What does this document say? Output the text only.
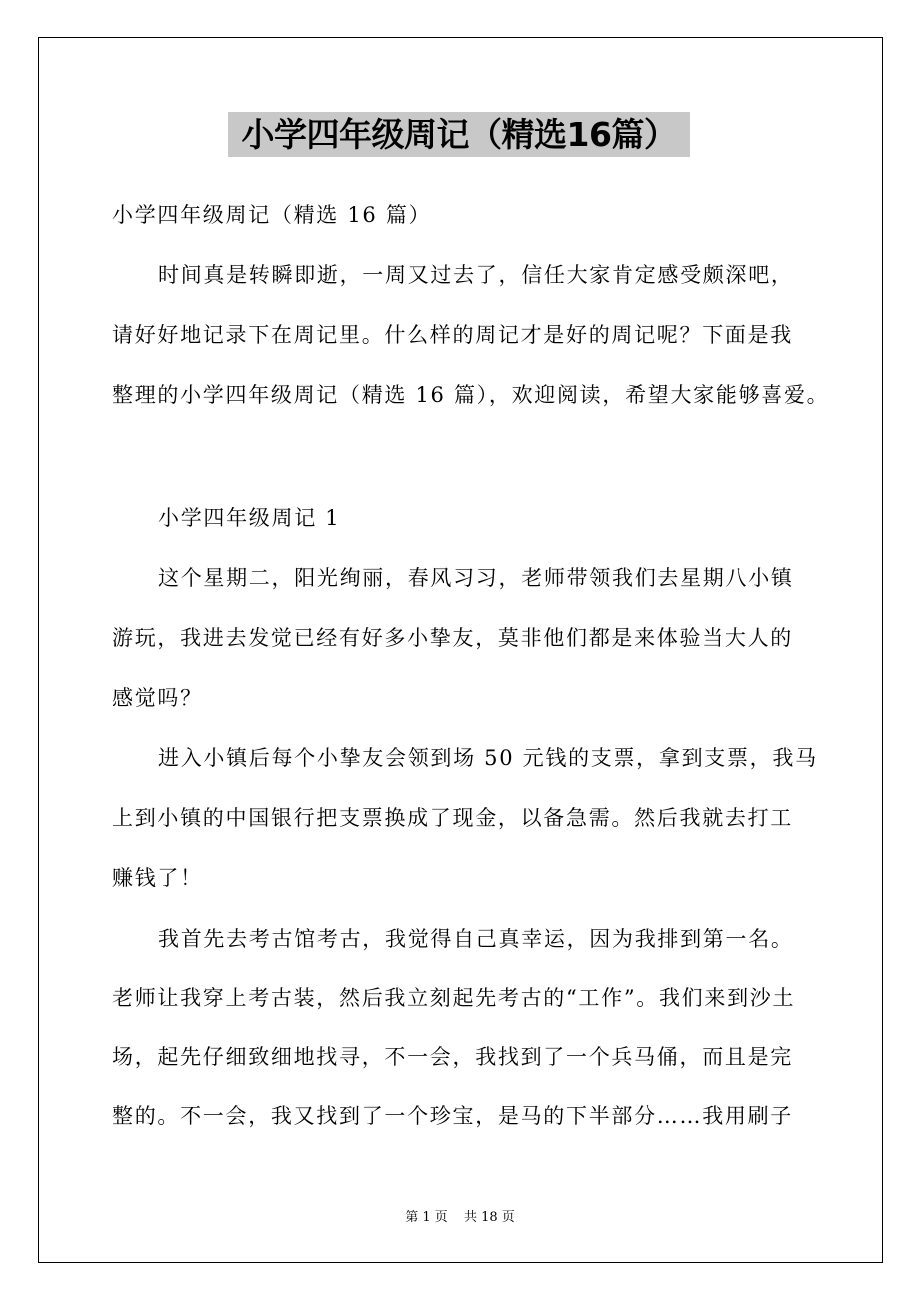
小学四年级周记（精选16篇）
小学四年级周记（精选 16 篇）
时间真是转瞬即逝，一周又过去了，信任大家肯定感受颇深吧，
请好好地记录下在周记里。什么样的周记才是好的周记呢？下面是我
整理的小学四年级周记（精选 16 篇），欢迎阅读，希望大家能够喜爱。
小学四年级周记 1
这个星期二，阳光绚丽，春风习习，老师带领我们去星期八小镇
游玩，我进去发觉已经有好多小挚友，莫非他们都是来体验当大人的
感觉吗？
进入小镇后每个小挚友会领到场 50 元钱的支票，拿到支票，我马
上到小镇的中国银行把支票换成了现金，以备急需。然后我就去打工
赚钱了！
我首先去考古馆考古，我觉得自己真幸运，因为我排到第一名。
老师让我穿上考古装，然后我立刻起先考古的“工作”。我们来到沙土
场，起先仔细致细地找寻，不一会，我找到了一个兵马俑，而且是完
整的。不一会，我又找到了一个珍宝，是马的下半部分……我用刷子
第 1 页 共 18 页
